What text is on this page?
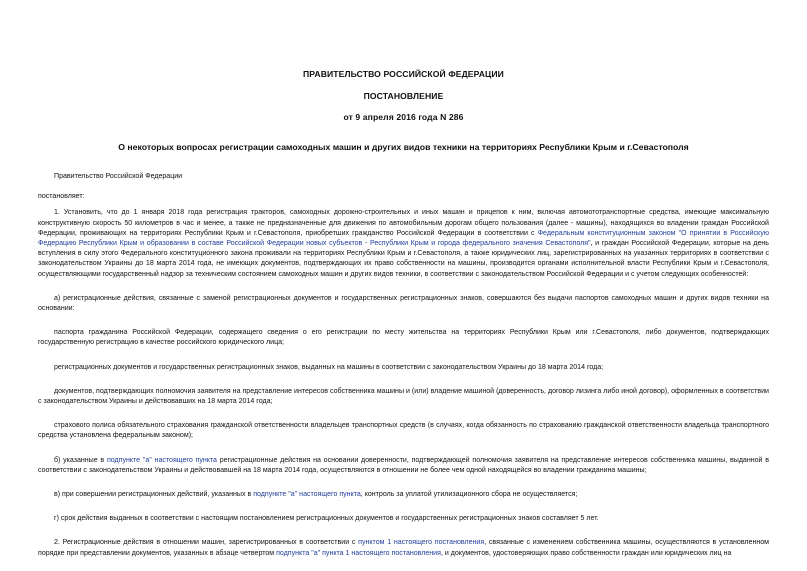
ПРАВИТЕЛЬСТВО РОССИЙСКОЙ ФЕДЕРАЦИИ
ПОСТАНОВЛЕНИЕ
от 9 апреля 2016 года N 286
О некоторых вопросах регистрации самоходных машин и других видов техники на территориях Республики Крым и г.Севастополя

Правительство Российской Федерации

постановляет:

1. Установить, что до 1 января 2018 года регистрация тракторов, самоходных дорожно-строительных и иных машин и прицепов к ним, включая автомототранспортные средства, имеющие максимальную конструктивную скорость 50 километров в час и менее, а также не предназначенные для движения по автомобильным дорогам общего пользования (далее - машины), находящихся во владении граждан Российской Федерации, проживающих на территориях Республики Крым и г.Севастополя, приобретших гражданство Российской Федерации в соответствии с Федеральным конституционным законом "О принятии в Российскую Федерацию Республики Крым и образовании в составе Российской Федерации новых субъектов - Республики Крым и города федерального значения Севастополя", и граждан Российской Федерации, которые на день вступления в силу этого Федерального конституционного закона проживали на территориях Республики Крым и г.Севастополя, а также юридических лиц, зарегистрированных на указанных территориях в соответствии с законодательством Украины до 18 марта 2014 года, не имеющих документов, подтверждающих их право собственности на машины, производится органами исполнительной власти Республики Крым и г.Севастополя, осуществляющими государственный надзор за техническим состоянием самоходных машин и других видов техники, в соответствии с законодательством Российской Федерации и с учетом следующих особенностей:

а) регистрационные действия, связанные с заменой регистрационных документов и государственных регистрационных знаков, совершаются без выдачи паспортов самоходных машин и других видов техники на основании:

паспорта гражданина Российской Федерации, содержащего сведения о его регистрации по месту жительства на территориях Республики Крым или г.Севастополя, либо документов, подтверждающих государственную регистрацию в качестве российского юридического лица;

регистрационных документов и государственных регистрационных знаков, выданных на машины в соответствии с законодательством Украины до 18 марта 2014 года;

документов, подтверждающих полномочия заявителя на представление интересов собственника машины и (или) владение машиной (доверенность, договор лизинга либо иной договор), оформленных в соответствии с законодательством Украины и действовавших на 18 марта 2014 года;

страхового полиса обязательного страхования гражданской ответственности владельцев транспортных средств (в случаях, когда обязанность по страхованию гражданской ответственности владельца транспортного средства установлена федеральным законом);

б) указанные в подпункте "а" настоящего пункта регистрационные действия на основании доверенности, подтверждающей полномочия заявителя на представление интересов собственника машины, выданной в соответствии с законодательством Украины и действовавшей на 18 марта 2014 года, осуществляются в отношении не более чем одной находящейся во владении гражданина машины;

в) при совершении регистрационных действий, указанных в подпункте "а" настоящего пункта, контроль за уплатой утилизационного сбора не осуществляется;

г) срок действия выданных в соответствии с настоящим постановлением регистрационных документов и государственных регистрационных знаков составляет 5 лет.

2. Регистрационные действия в отношении машин, зарегистрированных в соответствии с пунктом 1 настоящего постановления, связанные с изменением собственника машины, осуществляются в установленном порядке при представлении документов, указанных в абзаце четвертом подпункта "а" пункта 1 настоящего постановления, и документов, удостоверяющих право собственности граждан или юридических лиц на
